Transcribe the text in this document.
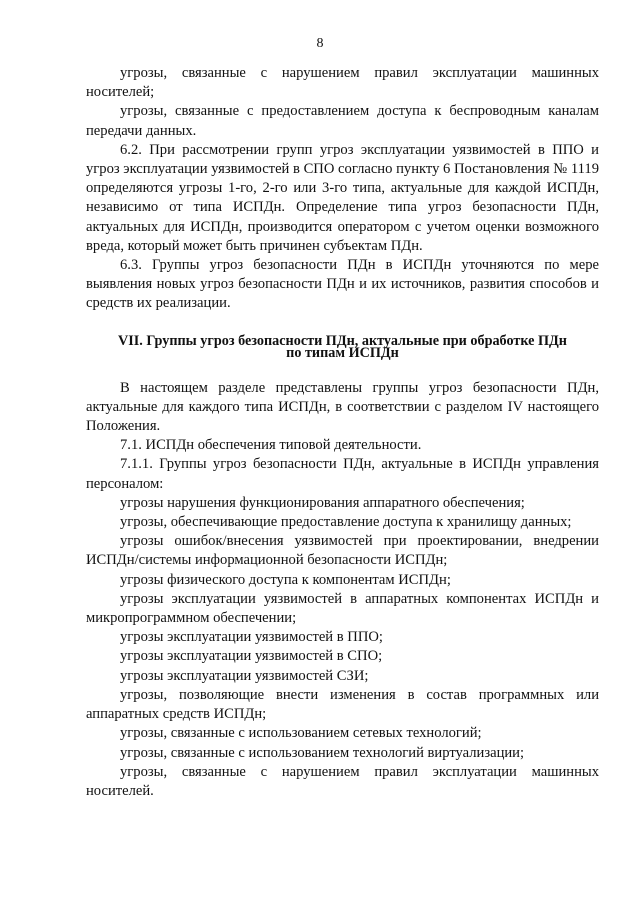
8

угрозы, связанные с нарушением правил эксплуатации машинных носителей;

угрозы, связанные с предоставлением доступа к беспроводным каналам передачи данных.

6.2. При рассмотрении групп угроз эксплуатации уязвимостей в ППО и угроз эксплуатации уязвимостей в СПО согласно пункту 6 Постановления № 1119 определяются угрозы 1-го, 2-го или 3-го типа, актуальные для каждой ИСПДн, независимо от типа ИСПДн. Определение типа угроз безопасности ПДн, актуальных для ИСПДн, производится оператором с учетом оценки возможного вреда, который может быть причинен субъектам ПДн.

6.3. Группы угроз безопасности ПДн в ИСПДн уточняются по мере выявления новых угроз безопасности ПДн и их источников, развития способов и средств их реализации.

VII. Группы угроз безопасности ПДн, актуальные при обработке ПДн
по типам ИСПДн

В настоящем разделе представлены группы угроз безопасности ПДн, актуальные для каждого типа ИСПДн, в соответствии с разделом IV настоящего Положения.

7.1. ИСПДн обеспечения типовой деятельности.

7.1.1. Группы угроз безопасности ПДн, актуальные в ИСПДн управления персоналом:

угрозы нарушения функционирования аппаратного обеспечения;

угрозы, обеспечивающие предоставление доступа к хранилищу данных;

угрозы ошибок/внесения уязвимостей при проектировании, внедрении ИСПДн/системы информационной безопасности ИСПДн;

угрозы физического доступа к компонентам ИСПДн;

угрозы эксплуатации уязвимостей в аппаратных компонентах ИСПДн и микропрограммном обеспечении;

угрозы эксплуатации уязвимостей в ППО;

угрозы эксплуатации уязвимостей в СПО;

угрозы эксплуатации уязвимостей СЗИ;

угрозы, позволяющие внести изменения в состав программных или аппаратных средств ИСПДн;

угрозы, связанные с использованием сетевых технологий;

угрозы, связанные с использованием технологий виртуализации;

угрозы, связанные с нарушением правил эксплуатации машинных носителей.
